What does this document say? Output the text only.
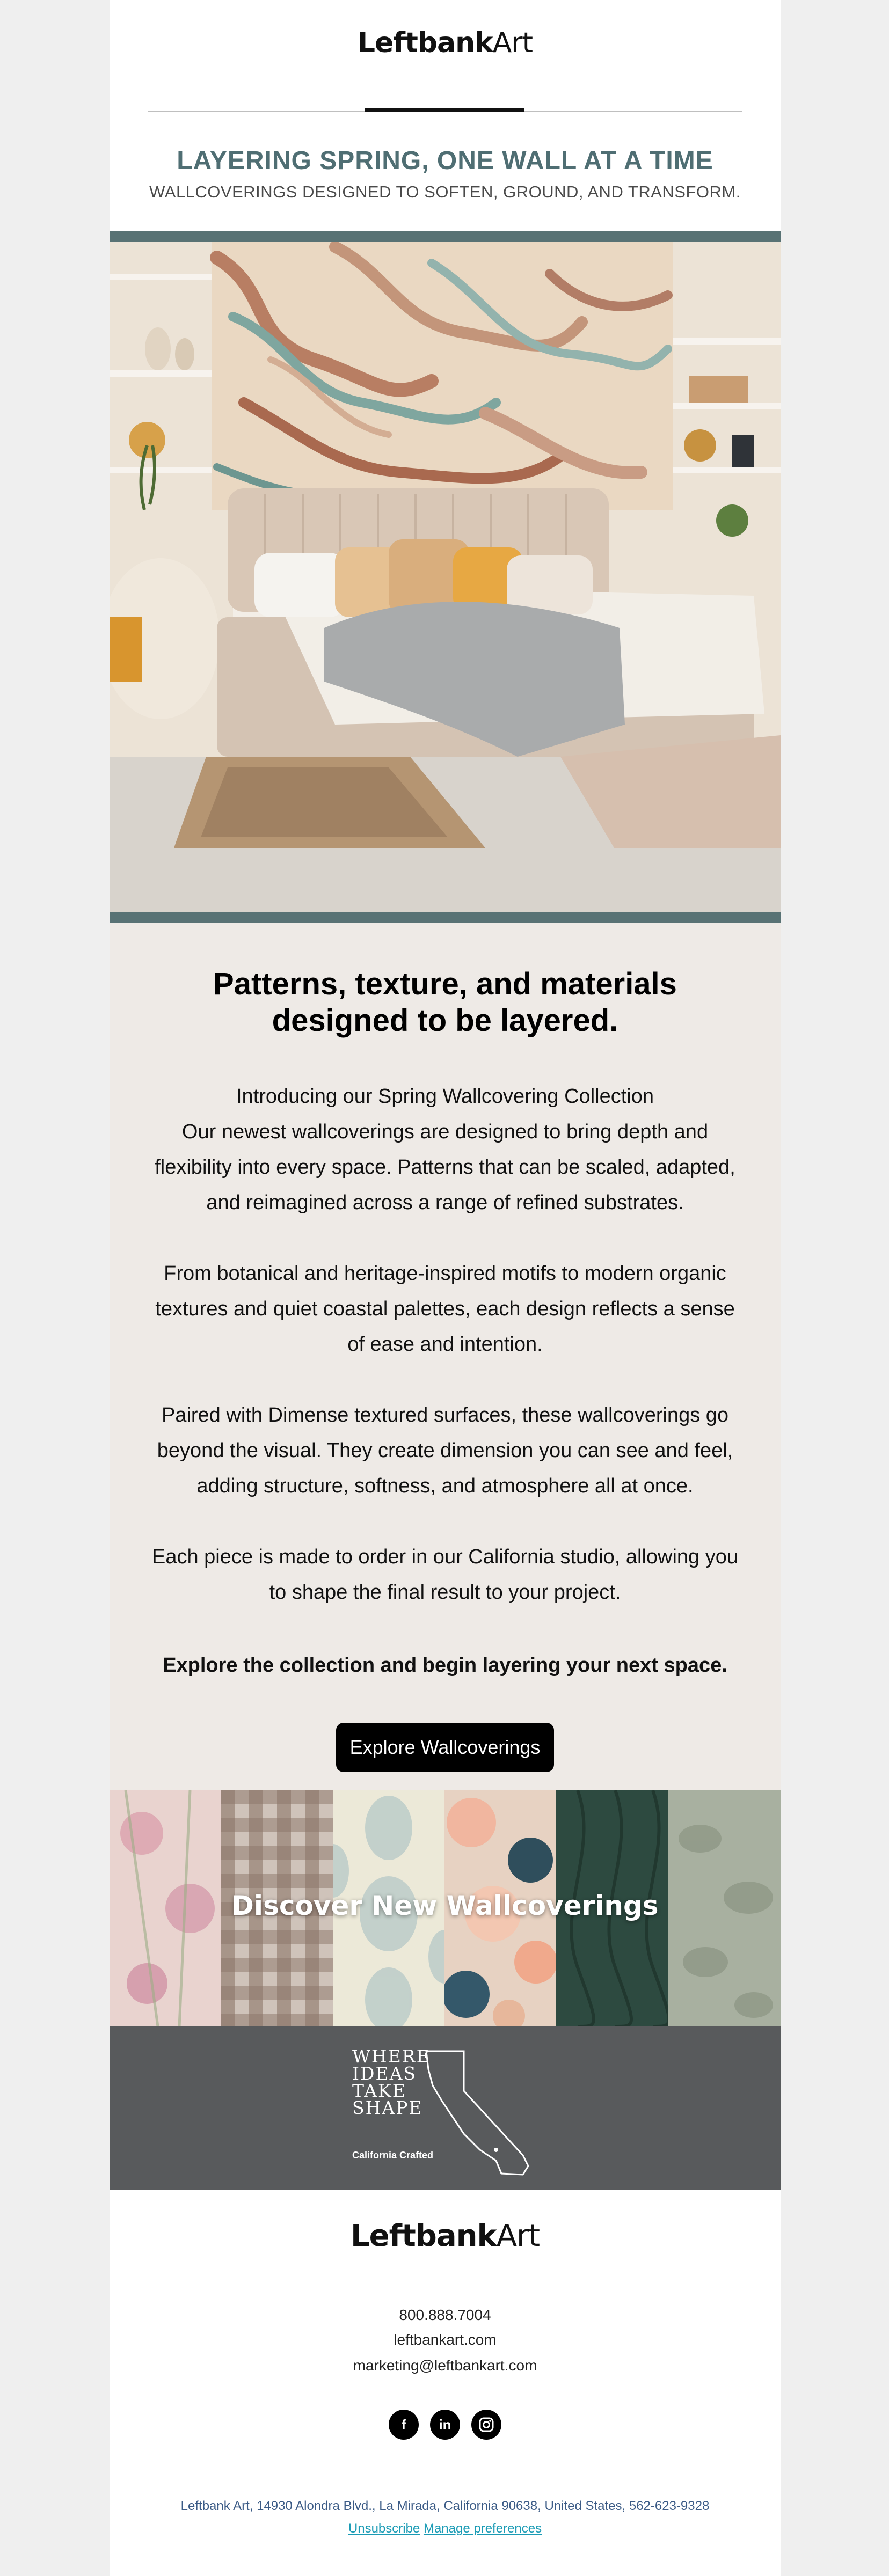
LeftbankArt
LAYERING SPRING, ONE WALL AT A TIME
WALLCOVERINGS DESIGNED TO SOFTEN, GROUND, AND TRANSFORM.
Patterns, texture, and materials designed to be layered.

Introducing our Spring Wallcovering Collection
Our newest wallcoverings are designed to bring depth and flexibility into every space. Patterns that can be scaled, adapted, and reimagined across a range of refined substrates.

From botanical and heritage-inspired motifs to modern organic textures and quiet coastal palettes, each design reflects a sense of ease and intention.

Paired with Dimense textured surfaces, these wallcoverings go beyond the visual. They create dimension you can see and feel, adding structure, softness, and atmosphere all at once.

Each piece is made to order in our California studio, allowing you to shape the final result to your project.

Explore the collection and begin layering your next space.

Explore Wallcoverings
Discover New Wallcoverings
WHERE
IDEAS
TAKE
SHAPE
California Crafted
LeftbankArt
800.888.7004
leftbankart.com
marketing@leftbankart.com
f	in
Leftbank Art, 14930 Alondra Blvd., La Mirada, California 90638, United States, 562-623-9328
Unsubscribe Manage preferences
